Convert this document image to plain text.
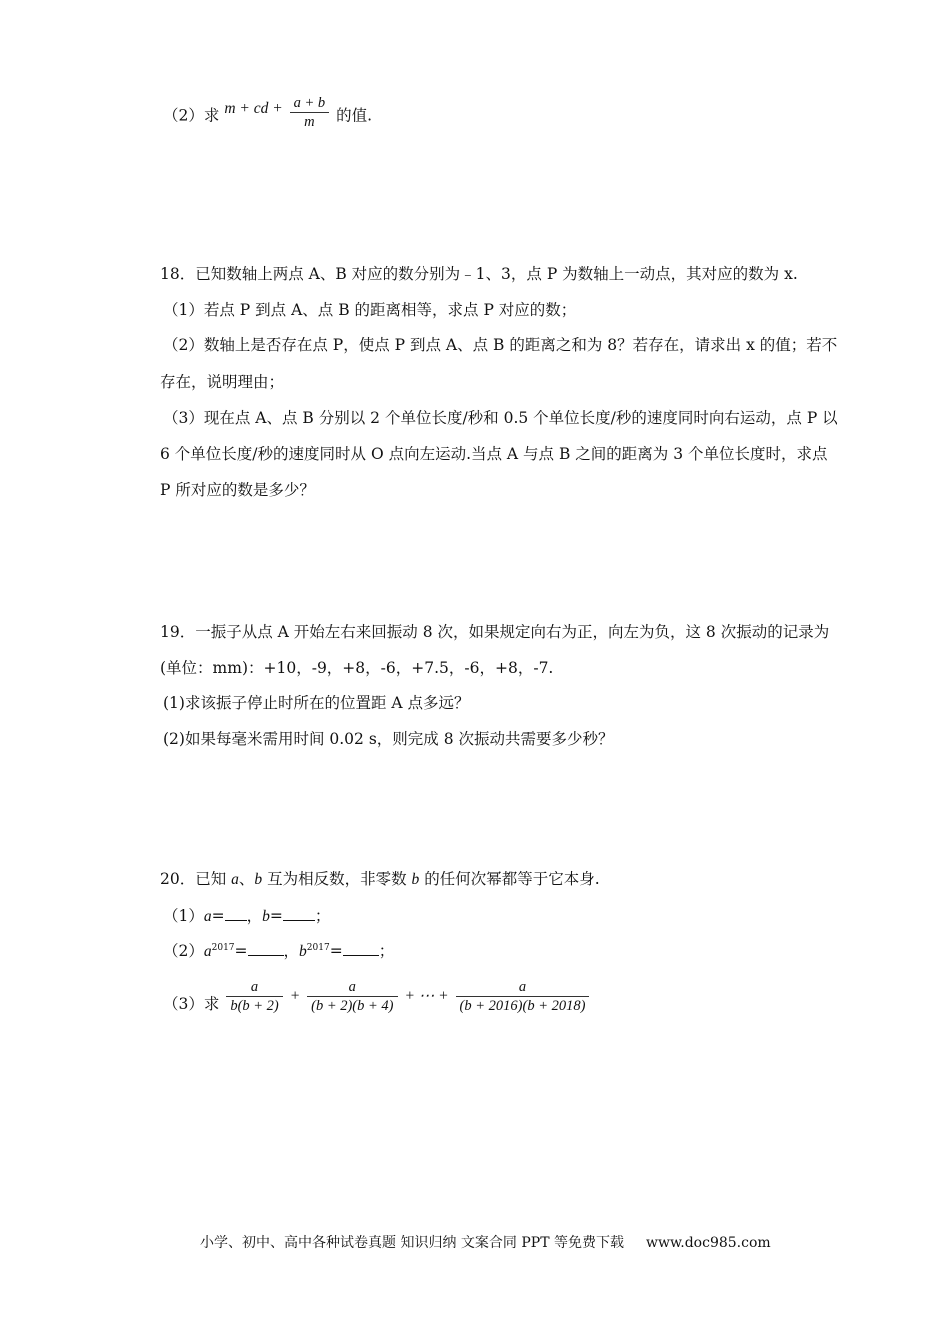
（2）求 m + cd + $\frac{a + b}{m}$ 的值.
18．已知数轴上两点 A、B 对应的数分别为﹣1、3，点 P 为数轴上一动点，其对应的数为 x.
（1）若点 P 到点 A、点 B 的距离相等，求点 P 对应的数；
（2）数轴上是否存在点 P，使点 P 到点 A、点 B 的距离之和为 8？若存在，请求出 x 的值；若不
存在，说明理由；
（3）现在点 A、点 B 分别以 2 个单位长度/秒和 0.5 个单位长度/秒的速度同时向右运动，点 P 以
6 个单位长度/秒的速度同时从 O 点向左运动.当点 A 与点 B 之间的距离为 3 个单位长度时，求点
P 所对应的数是多少？
19．一振子从点 A 开始左右来回振动 8 次，如果规定向右为正，向左为负，这 8 次振动的记录为
(单位：mm)：+10，-9，+8，-6，+7.5，-6，+8，-7.
(1)求该振子停止时所在的位置距 A 点多远？
(2)如果每毫米需用时间 0.02 s，则完成 8 次振动共需要多少秒？
20．已知 a、b 互为相反数，非零数 b 的任何次幂都等于它本身.
（1）a= ，b= ；
$(2)a^{2017}=$ ，$b^{2017}=$ ；
（3）求 $\frac{a}{b(b + 2)} + \frac{a}{(b + 2)(b + 4)}$ + ⋯ + $\frac{a}{(b + 2016)(b + 2018)}$
小学、初中、高中各种试卷真题 知识归纳 文案合同 PPT 等免费下载 www.doc985.com
